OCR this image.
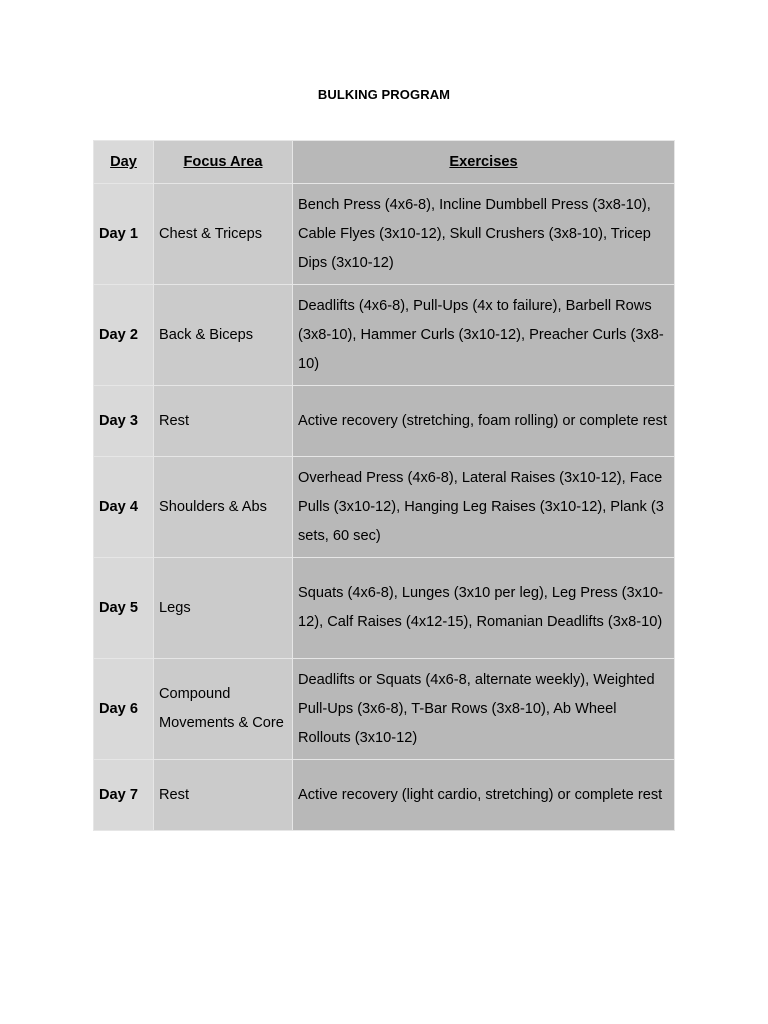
BULKING PROGRAM
Day	Focus Area	Exercises
Day 1	Chest & Triceps	Bench Press (4x6-8), Incline Dumbbell Press (3x8-10), Cable Flyes (3x10-12), Skull Crushers (3x8-10), Tricep Dips (3x10-12)
Day 2	Back & Biceps	Deadlifts (4x6-8), Pull-Ups (4x to failure), Barbell Rows (3x8-10), Hammer Curls (3x10-12), Preacher Curls (3x8-10)
Day 3	Rest	Active recovery (stretching, foam rolling) or complete rest
Day 4	Shoulders & Abs	Overhead Press (4x6-8), Lateral Raises (3x10-12), Face Pulls (3x10-12), Hanging Leg Raises (3x10-12), Plank (3 sets, 60 sec)
Day 5	Legs	Squats (4x6-8), Lunges (3x10 per leg), Leg Press (3x10-12), Calf Raises (4x12-15), Romanian Deadlifts (3x8-10)
Day 6	Compound Movements & Core	Deadlifts or Squats (4x6-8, alternate weekly), Weighted Pull-Ups (3x6-8), T-Bar Rows (3x8-10), Ab Wheel Rollouts (3x10-12)
Day 7	Rest	Active recovery (light cardio, stretching) or complete rest
